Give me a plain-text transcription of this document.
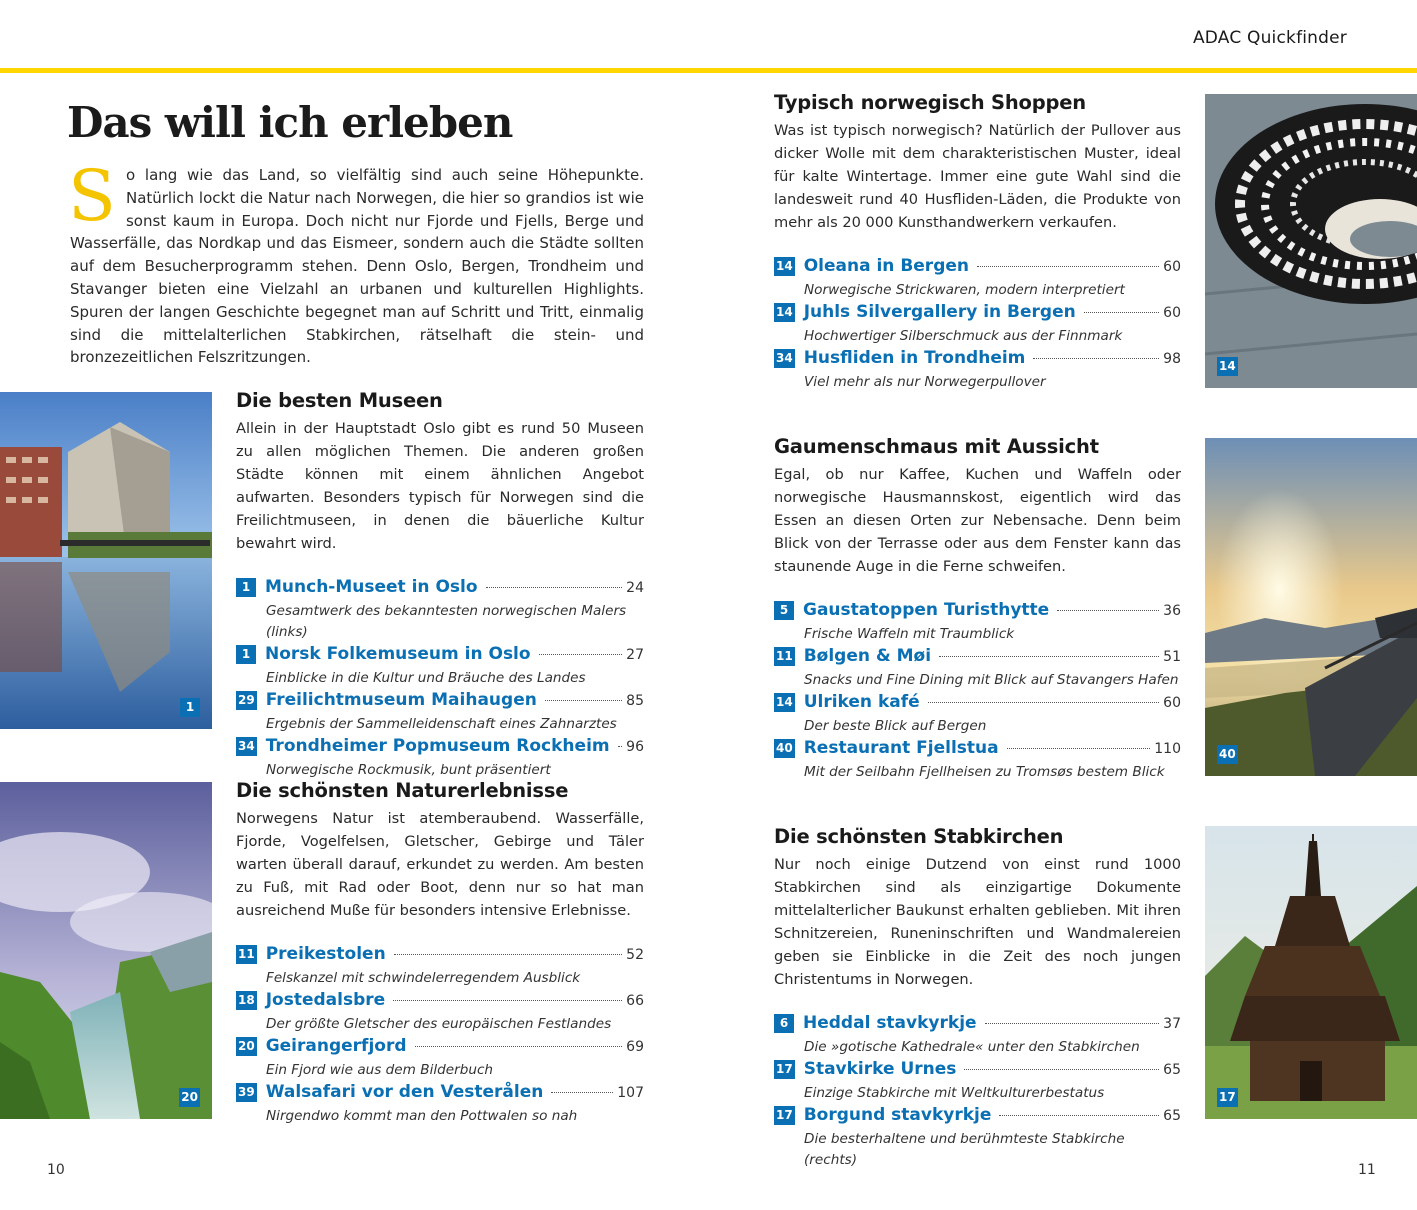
ADAC Quickfinder
Das will ich erleben
So lang wie das Land, so vielfältig sind auch seine Höhepunkte. Natürlich lockt die Natur nach Norwegen, die hier so grandios ist wie sonst kaum in Europa. Doch nicht nur Fjorde und Fjells, Berge und Wasserfälle, das Nordkap und das Eismeer, sondern auch die Städte sollten auf dem Besucherprogramm stehen. Denn Oslo, Bergen, Trondheim und Stavanger bieten eine Vielzahl an urbanen und kulturellen Highlights. Spuren der langen Geschichte begegnet man auf Schritt und Tritt, einmalig sind die mittelalterlichen Stabkirchen, rätselhaft die stein- und bronzezeitlichen Felszritzungen.
1
Die besten Museen

Allein in der Hauptstadt Oslo gibt es rund 50 Museen zu allen möglichen Themen. Die anderen großen Städte können mit einem ähnlichen Angebot aufwarten. Besonders typisch für Norwegen sind die Freilichtmuseen, in denen die bäuerliche Kultur bewahrt wird.

1 Munch-Museet in Oslo	24
Gesamtwerk des bekanntesten norwegischen Malers (links)
1 Norsk Folkemuseum in Oslo	27
Einblicke in die Kultur und Bräuche des Landes
29 Freilichtmuseum Maihaugen	85
Ergebnis der Sammelleidenschaft eines Zahnarztes
34 Trondheimer Popmuseum Rockheim 96
Norwegische Rockmusik, bunt präsentiert
20
Die schönsten Naturerlebnisse

Norwegens Natur ist atemberaubend. Wasserfälle, Fjorde, Vogelfelsen, Gletscher, Gebirge und Täler warten überall darauf, erkundet zu werden. Am besten zu Fuß, mit Rad oder Boot, denn nur so hat man ausreichend Muße für besonders intensive Erlebnisse.

11 Preikestolen	52
Felskanzel mit schwindelerregendem Ausblick
18 Jostedalsbre	66
Der größte Gletscher des europäischen Festlandes
20 Geirangerfjord	69
Ein Fjord wie aus dem Bilderbuch
39 Walsafari vor den Vesterålen	107
Nirgendwo kommt man den Pottwalen so nah
Typisch norwegisch Shoppen

Was ist typisch norwegisch? Natürlich der Pullover aus dicker Wolle mit dem charakteristischen Muster, ideal für kalte Wintertage. Immer eine gute Wahl sind die landesweit rund 40 Husfliden-Läden, die Produkte von mehr als 20 000 Kunsthandwerkern verkaufen.

14 Oleana in Bergen	60
Norwegische Strickwaren, modern interpretiert
14 Juhls Silvergallery in Bergen	60
Hochwertiger Silberschmuck aus der Finnmark
34 Husfliden in Trondheim	98
Viel mehr als nur Norwegerpullover
14
Gaumenschmaus mit Aussicht

Egal, ob nur Kaffee, Kuchen und Waffeln oder norwegische Hausmannskost, eigentlich wird das Essen an diesen Orten zur Nebensache. Denn beim Blick von der Terrasse oder aus dem Fenster kann das staunende Auge in die Ferne schweifen.

5 Gaustatoppen Turisthytte	36
Frische Waffeln mit Traumblick
11 Bølgen & Møi	51
Snacks und Fine Dining mit Blick auf Stavangers Hafen
14 Ulriken kafé	60
Der beste Blick auf Bergen
40 Restaurant Fjellstua	110
Mit der Seilbahn Fjellheisen zu Tromsøs bestem Blick
40
Die schönsten Stabkirchen

Nur noch einige Dutzend von einst rund 1000 Stabkirchen sind als einzigartige Dokumente mittelalterlicher Baukunst erhalten geblieben. Mit ihren Schnitzereien, Runeninschriften und Wandmalereien geben sie Einblicke in die Zeit des noch jungen Christentums in Norwegen.

6 Heddal stavkyrkje	37
Die »gotische Kathedrale« unter den Stabkirchen
17 Stavkirke Urnes	65
Einzige Stabkirche mit Weltkulturerbestatus
17 Borgund stavkyrkje	65
Die besterhaltene und berühmteste Stabkirche (rechts)
17
10	11
